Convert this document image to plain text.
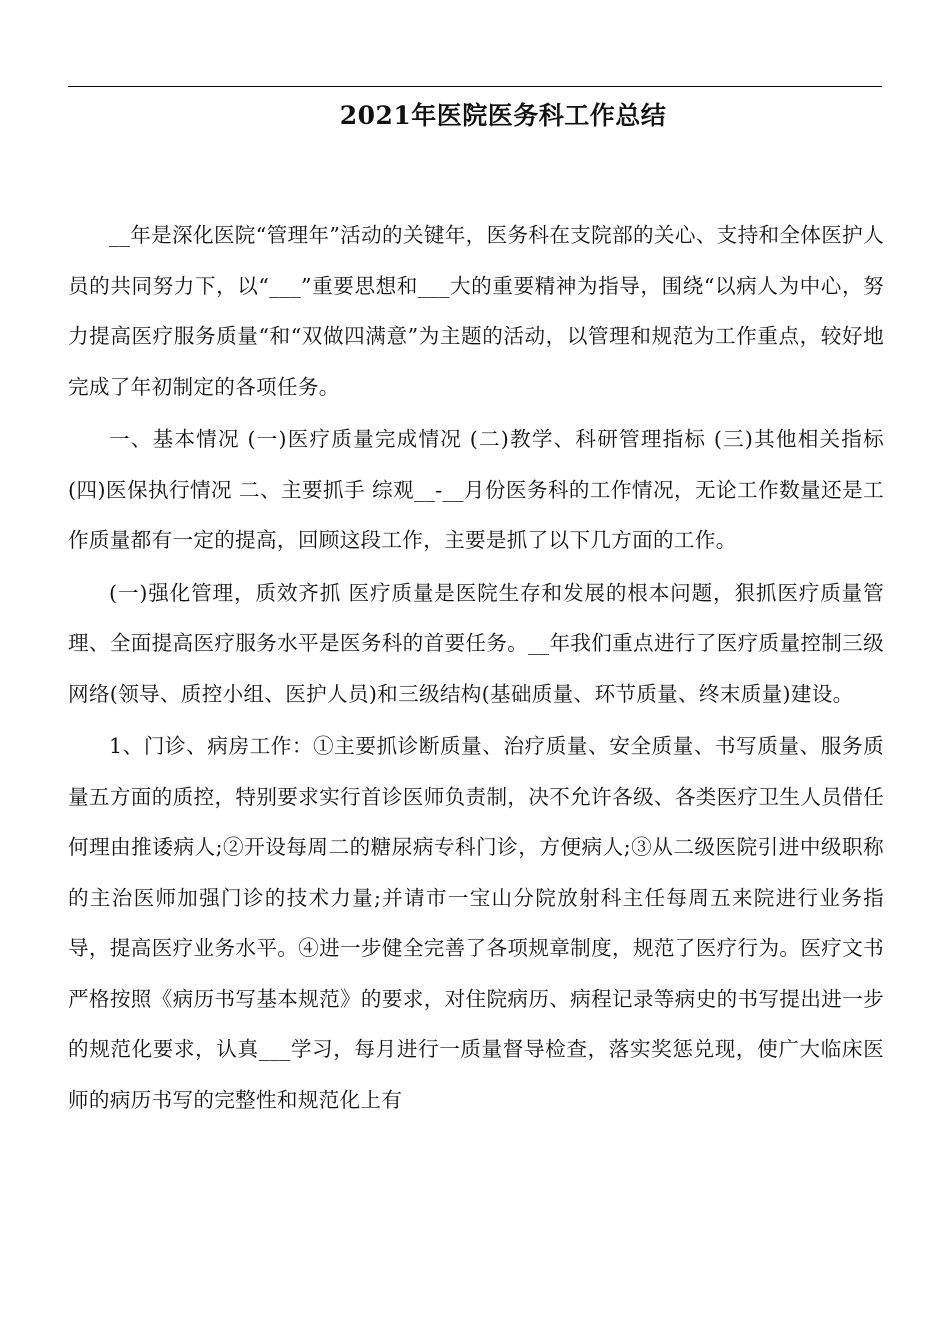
2021年医院医务科工作总结

__年是深化医院“管理年”活动的关键年，医务科在支院部的关心、支持和全体医护人员的共同努力下，以“___”重要思想和___大的重要精神为指导，围绕“以病人为中心，努力提高医疗服务质量“和“双做四满意”为主题的活动，以管理和规范为工作重点，较好地完成了年初制定的各项任务。

一、基本情况 (一)医疗质量完成情况 (二)教学、科研管理指标 (三)其他相关指标 (四)医保执行情况 二、主要抓手 综观__-__月份医务科的工作情况，无论工作数量还是工作质量都有一定的提高，回顾这段工作，主要是抓了以下几方面的工作。

(一)强化管理，质效齐抓 医疗质量是医院生存和发展的根本问题，狠抓医疗质量管理、全面提高医疗服务水平是医务科的首要任务。__年我们重点进行了医疗质量控制三级网络(领导、质控小组、医护人员)和三级结构(基础质量、环节质量、终末质量)建设。

1、门诊、病房工作：①主要抓诊断质量、治疗质量、安全质量、书写质量、服务质量五方面的质控，特别要求实行首诊医师负责制，决不允许各级、各类医疗卫生人员借任何理由推诿病人;②开设每周二的糖尿病专科门诊，方便病人;③从二级医院引进中级职称的主治医师加强门诊的技术力量;并请市一宝山分院放射科主任每周五来院进行业务指导，提高医疗业务水平。④进一步健全完善了各项规章制度，规范了医疗行为。医疗文书严格按照《病历书写基本规范》的要求，对住院病历、病程记录等病史的书写提出进一步的规范化要求，认真___学习，每月进行一质量督导检查，落实奖惩兑现，使广大临床医师的病历书写的完整性和规范化上有
